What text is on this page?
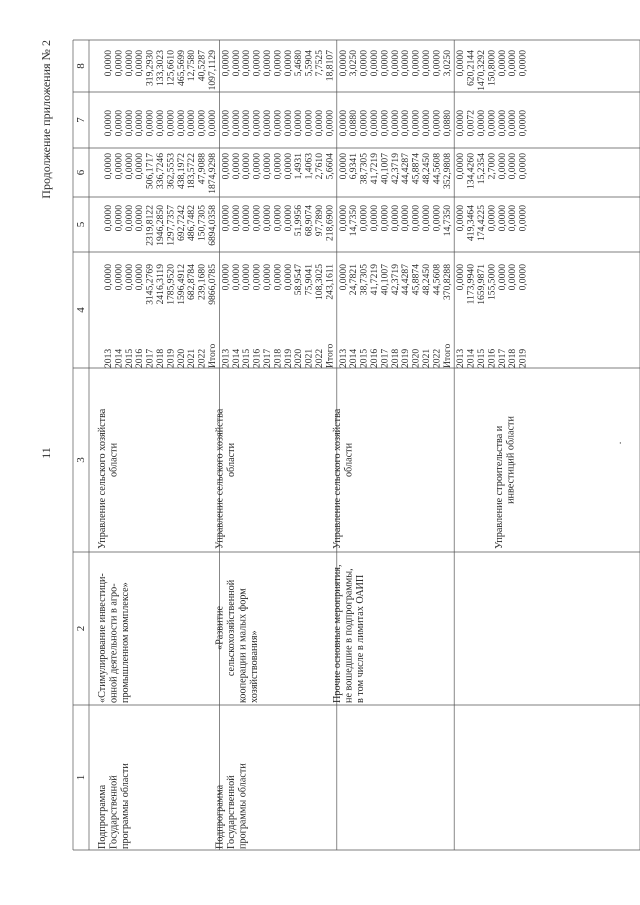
11
Продолжение приложения № 2
·
1
2
3
4
5
6
7
8
Подпрограмма Государственной программы области
«Стимулирование инвестици- онной деятельности в агро- промышленном комплексе»
Управление сельского хозяйства области
2013
0,0000
0,0000
0,0000
0,0000
0,0000
2014
0,0000
0,0000
0,0000
0,0000
0,0000
2015
0,0000
0,0000
0,0000
0,0000
0,0000
2016
0,0000
0,0000
0,0000
0,0000
0,0000
2017
3145,2769
2319,8122
506,1717
0,0000
319,2930
2018
2416,3119
1946,2850
336,7246
0,0000
133,3023
2019
1785,9520
1297,7357
362,5553
0,0000
125,6610
2020
1596,4912
692,7242
438,1972
0,0000
465,5699
2021
682,8784
486,7482
183,5722
0,0000
12,7580
2022
239,1680
150,7305
47,9088
0,0000
40,5287
Итого
9866,0785
6894,0358
1874,9298
0,0000
1097,1129
Подпрограмма Государственной программы области
«Развитие сельскохозяйственной кооперации и малых форм хозяйствования»
Управление сельского хозяйства области
2013
0,0000
0,0000
0,0000
0,0000
0,0000
2014
0,0000
0,0000
0,0000
0,0000
0,0000
2015
0,0000
0,0000
0,0000
0,0000
0,0000
2016
0,0000
0,0000
0,0000
0,0000
0,0000
2017
0,0000
0,0000
0,0000
0,0000
0,0000
2018
0,0000
0,0000
0,0000
0,0000
0,0000
2019
0,0000
0,0000
0,0000
0,0000
0,0000
2020
58,9547
51,9956
1,4931
0,0000
5,4680
2021
75,9041
68,9074
1,4063
0,0000
5,5904
2022
108,3025
97,7890
2,7610
0,0000
7,7525
Итого
243,1611
218,6900
5,6604
0,0000
18,8107
Прочие основные мероприятия, не вошедшие в подпрограммы, в том числе в лимитах ОАИП
Управление сельского хозяйства области
2013
0,0000
0,0000
0,0000
0,0000
0,0000
2014
24,7821
14,7350
6,9341
0,0880
3,0250
2015
38,7305
0,0000
38,7305
0,0000
0,0000
2016
41,7219
0,0000
41,7219
0,0000
0,0000
2017
40,1007
0,0000
40,1007
0,0000
0,0000
2018
42,3719
0,0000
42,3719
0,0000
0,0000
2019
44,4287
0,0000
44,4287
0,0000
0,0000
2020
45,8874
0,0000
45,8874
0,0000
0,0000
2021
48,2450
0,0000
48,2450
0,0000
0,0000
2022
44,5608
0,0000
44,5608
0,0000
0,0000
Итого
370,8288
14,7350
352,9808
0,0880
3,0250
Управление строительства и инвестиций области
2013
0,0000
0,0000
0,0000
0,0000
0,0000
2014
1173,9940
419,3464
134,4260
0,0072
620,2144
2015
1659,9871
174,4225
15,2354
0,0000
1470,3292
2016
155,5000
0,0000
2,7000
0,0000
150,8000
2017
0,0000
0,0000
0,0000
0,0000
0,0000
2018
0,0000
0,0000
0,0000
0,0000
0,0000
2019
0,0000
0,0000
0,0000
0,0000
0,0000
